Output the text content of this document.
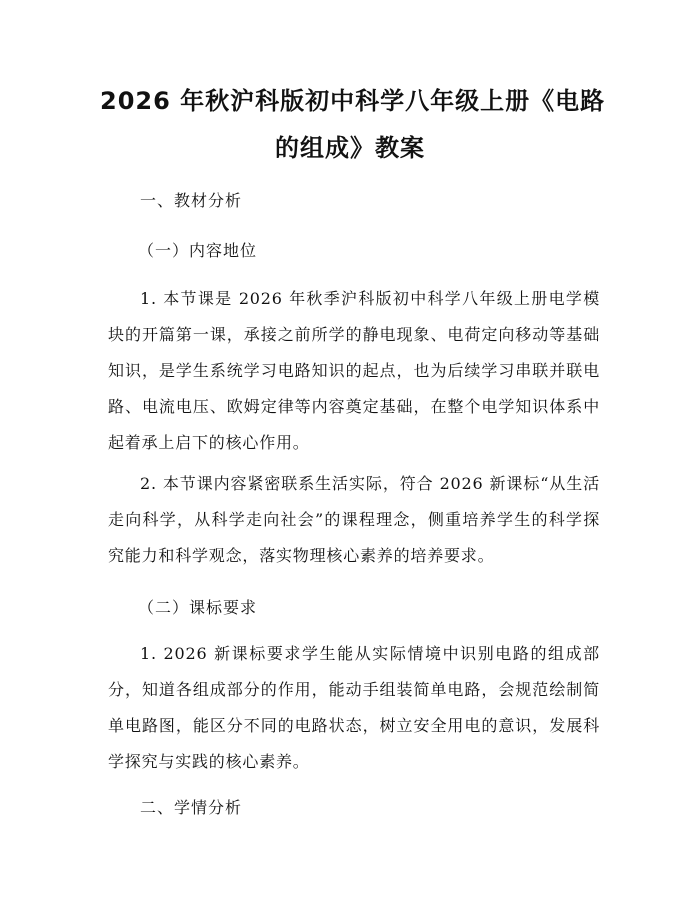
2026 年秋沪科版初中科学八年级上册《电路
的组成》教案
一、教材分析
（一）内容地位
1. 本节课是 2026 年秋季沪科版初中科学八年级上册电学模块的开篇第一课，承接之前所学的静电现象、电荷定向移动等基础知识，是学生系统学习电路知识的起点，也为后续学习串联并联电路、电流电压、欧姆定律等内容奠定基础，在整个电学知识体系中起着承上启下的核心作用。
2. 本节课内容紧密联系生活实际，符合 2026 新课标“从生活走向科学，从科学走向社会”的课程理念，侧重培养学生的科学探究能力和科学观念，落实物理核心素养的培养要求。
（二）课标要求
1. 2026 新课标要求学生能从实际情境中识别电路的组成部分，知道各组成部分的作用，能动手组装简单电路，会规范绘制简单电路图，能区分不同的电路状态，树立安全用电的意识，发展科学探究与实践的核心素养。
二、学情分析
